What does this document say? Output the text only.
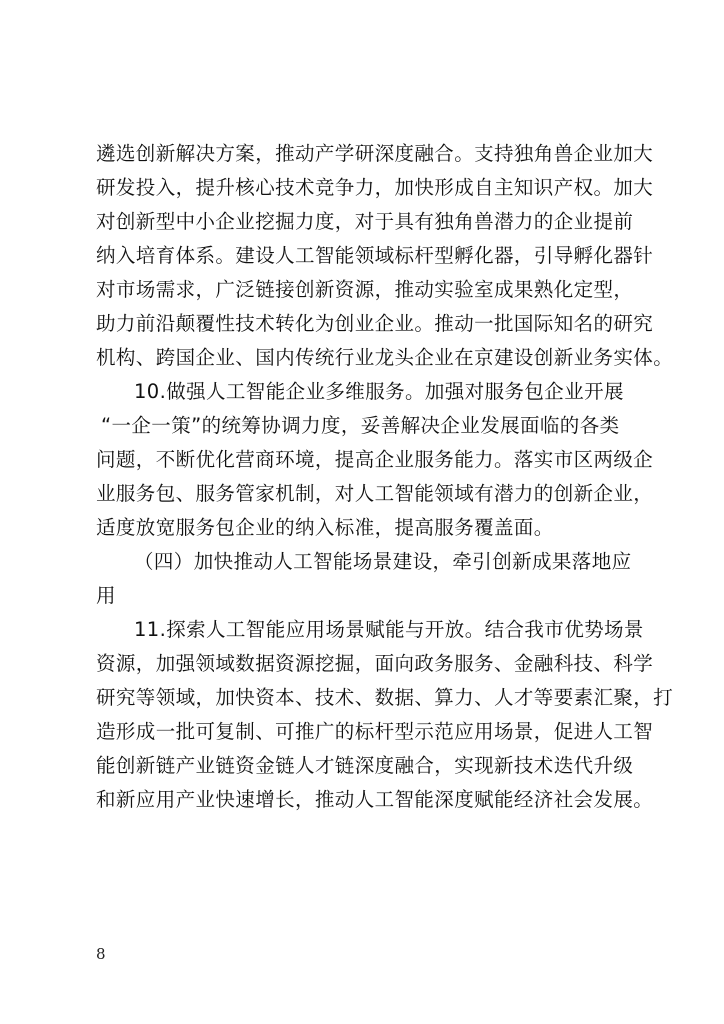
遴选创新解决方案，推动产学研深度融合。支持独角兽企业加大
研发投入，提升核心技术竞争力，加快形成自主知识产权。加大
对创新型中小企业挖掘力度，对于具有独角兽潜力的企业提前
纳入培育体系。建设人工智能领域标杆型孵化器，引导孵化器针
对市场需求，广泛链接创新资源，推动实验室成果熟化定型，
助力前沿颠覆性技术转化为创业企业。推动一批国际知名的研究
机构、跨国企业、国内传统行业龙头企业在京建设创新业务实体。
10.做强人工智能企业多维服务。加强对服务包企业开展
“一企一策”的统筹协调力度，妥善解决企业发展面临的各类
问题，不断优化营商环境，提高企业服务能力。落实市区两级企
业服务包、服务管家机制，对人工智能领域有潜力的创新企业，
适度放宽服务包企业的纳入标准，提高服务覆盖面。
（四）加快推动人工智能场景建设，牵引创新成果落地应
用
11.探索人工智能应用场景赋能与开放。结合我市优势场景
资源，加强领域数据资源挖掘，面向政务服务、金融科技、科学
研究等领域，加快资本、技术、数据、算力、人才等要素汇聚，打
造形成一批可复制、可推广的标杆型示范应用场景，促进人工智
能创新链产业链资金链人才链深度融合，实现新技术迭代升级
和新应用产业快速增长，推动人工智能深度赋能经济社会发展。
8
